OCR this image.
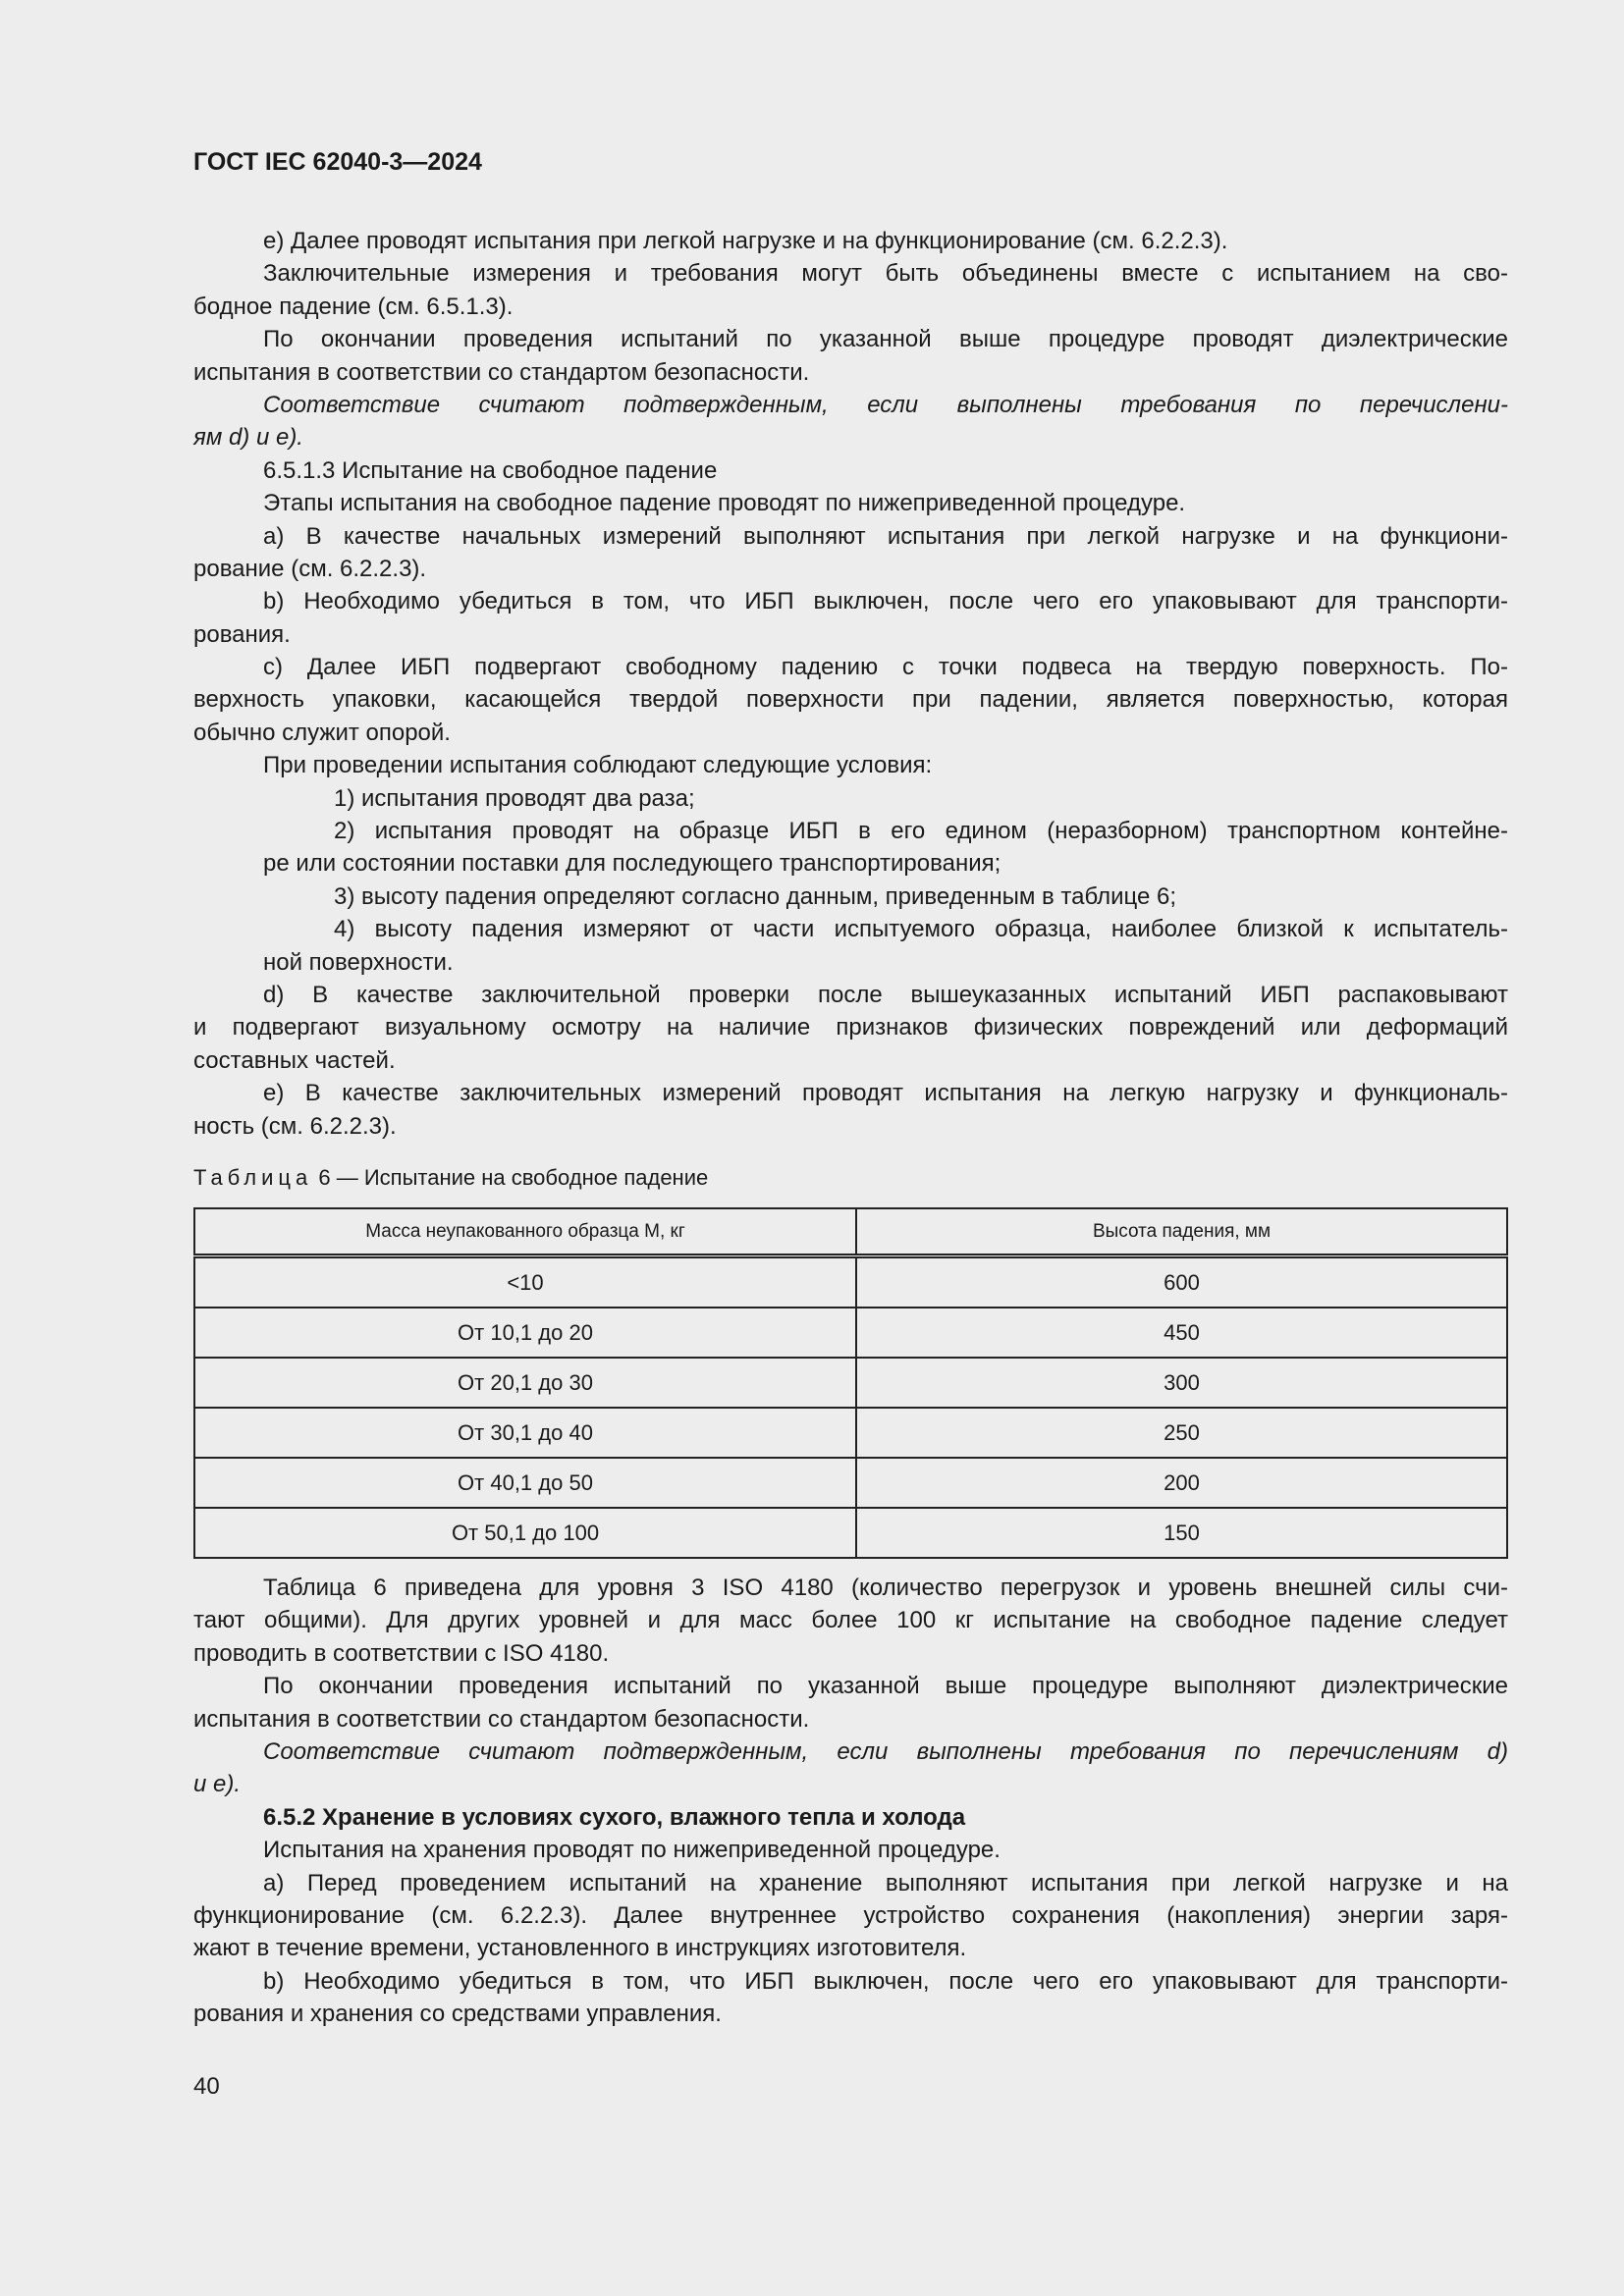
ГОСТ IEC 62040-3—2024
e) Далее проводят испытания при легкой нагрузке и на функционирование (см. 6.2.2.3).
Заключительные измерения и требования могут быть объединены вместе с испытанием на сво-
бодное падение (см. 6.5.1.3).
По окончании проведения испытаний по указанной выше процедуре проводят диэлектрические
испытания в соответствии со стандартом безопасности.
Соответствие считают подтвержденным, если выполнены требования по перечислени-
ям d) и e).
6.5.1.3 Испытание на свободное падение
Этапы испытания на свободное падение проводят по нижеприведенной процедуре.
a) В качестве начальных измерений выполняют испытания при легкой нагрузке и на функциони-
рование (см. 6.2.2.3).
b) Необходимо убедиться в том, что ИБП выключен, после чего его упаковывают для транспорти-
рования.
c) Далее ИБП подвергают свободному падению с точки подвеса на твердую поверхность. По-
верхность упаковки, касающейся твердой поверхности при падении, является поверхностью, которая
обычно служит опорой.
При проведении испытания соблюдают следующие условия:
1) испытания проводят два раза;
2) испытания проводят на образце ИБП в его едином (неразборном) транспортном контейне-
ре или состоянии поставки для последующего транспортирования;
3) высоту падения определяют согласно данным, приведенным в таблице 6;
4) высоту падения измеряют от части испытуемого образца, наиболее близкой к испытатель-
ной поверхности.
d) В качестве заключительной проверки после вышеуказанных испытаний ИБП распаковывают
и подвергают визуальному осмотру на наличие признаков физических повреждений или деформаций
составных частей.
e) В качестве заключительных измерений проводят испытания на легкую нагрузку и функциональ-
ность (см. 6.2.2.3).
Таблица 6 — Испытание на свободное падение
Масса неупакованного образца М, кг	Высота падения, мм
<10	600
От 10,1 до 20	450
От 20,1 до 30	300
От 30,1 до 40	250
От 40,1 до 50	200
От 50,1 до 100	150
Таблица 6 приведена для уровня 3 ISO 4180 (количество перегрузок и уровень внешней силы счи-
тают общими). Для других уровней и для масс более 100 кг испытание на свободное падение следует
проводить в соответствии с ISO 4180.
По окончании проведения испытаний по указанной выше процедуре выполняют диэлектрические
испытания в соответствии со стандартом безопасности.
Соответствие считают подтвержденным, если выполнены требования по перечислениям d)
и e).
6.5.2 Хранение в условиях сухого, влажного тепла и холода
Испытания на хранения проводят по нижеприведенной процедуре.
a) Перед проведением испытаний на хранение выполняют испытания при легкой нагрузке и на
функционирование (см. 6.2.2.3). Далее внутреннее устройство сохранения (накопления) энергии заря-
жают в течение времени, установленного в инструкциях изготовителя.
b) Необходимо убедиться в том, что ИБП выключен, после чего его упаковывают для транспорти-
рования и хранения со средствами управления.
40
